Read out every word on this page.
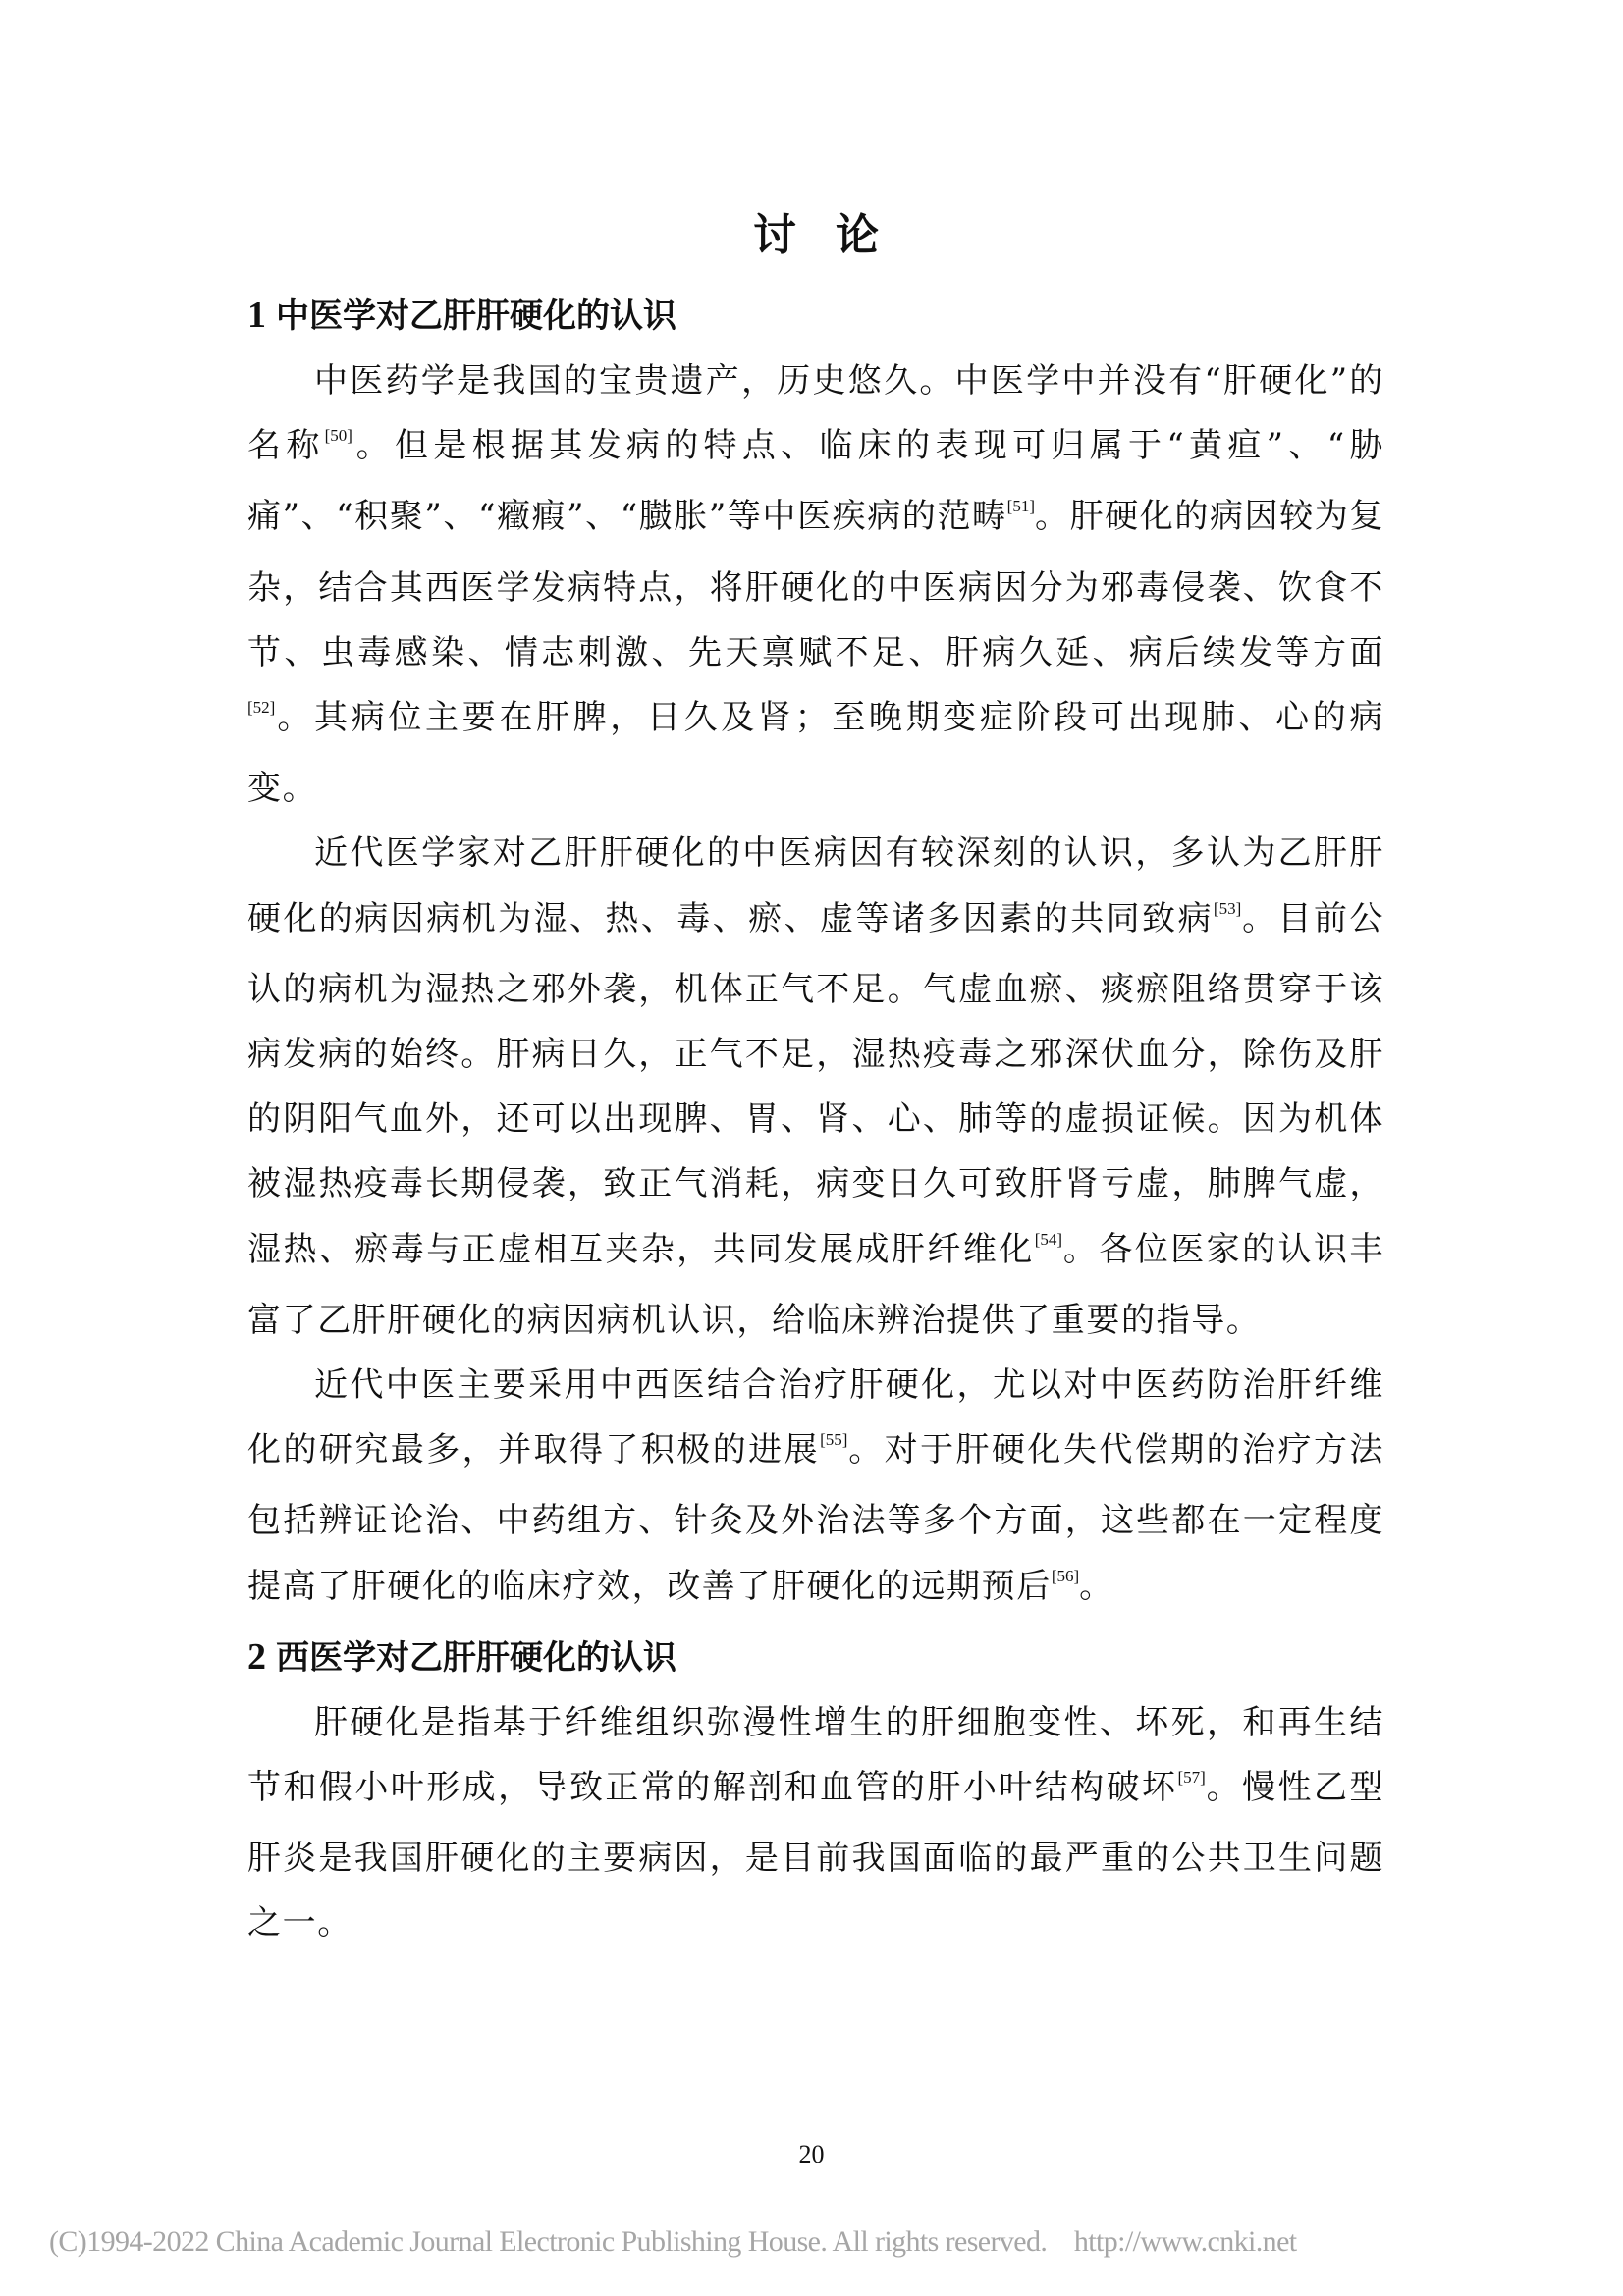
讨论

1 中医学对乙肝肝硬化的认识

中医药学是我国的宝贵遗产，历史悠久。中医学中并没有“肝硬化”的名称[50]。但是根据其发病的特点、临床的表现可归属于“黄疸”、“胁痛”、“积聚”、“癥瘕”、“臌胀”等中医疾病的范畴[51]。肝硬化的病因较为复杂，结合其西医学发病特点，将肝硬化的中医病因分为邪毒侵袭、饮食不节、虫毒感染、情志刺激、先天禀赋不足、肝病久延、病后续发等方面[52]。其病位主要在肝脾，日久及肾；至晚期变症阶段可出现肺、心的病变。

近代医学家对乙肝肝硬化的中医病因有较深刻的认识，多认为乙肝肝硬化的病因病机为湿、热、毒、瘀、虚等诸多因素的共同致病[53]。目前公认的病机为湿热之邪外袭，机体正气不足。气虚血瘀、痰瘀阻络贯穿于该病发病的始终。肝病日久，正气不足，湿热疫毒之邪深伏血分，除伤及肝的阴阳气血外，还可以出现脾、胃、肾、心、肺等的虚损证候。因为机体被湿热疫毒长期侵袭，致正气消耗，病变日久可致肝肾亏虚，肺脾气虚，湿热、瘀毒与正虚相互夹杂，共同发展成肝纤维化[54]。各位医家的认识丰富了乙肝肝硬化的病因病机认识，给临床辨治提供了重要的指导。

近代中医主要采用中西医结合治疗肝硬化，尤以对中医药防治肝纤维化的研究最多，并取得了积极的进展[55]。对于肝硬化失代偿期的治疗方法包括辨证论治、中药组方、针灸及外治法等多个方面，这些都在一定程度提高了肝硬化的临床疗效，改善了肝硬化的远期预后[56]。

2 西医学对乙肝肝硬化的认识

肝硬化是指基于纤维组织弥漫性增生的肝细胞变性、坏死，和再生结节和假小叶形成，导致正常的解剖和血管的肝小叶结构破坏[57]。慢性乙型肝炎是我国肝硬化的主要病因，是目前我国面临的最严重的公共卫生问题之一。

20
(C)1994-2022 China Academic Journal Electronic Publishing House. All rights reserved.    http://www.cnki.net
